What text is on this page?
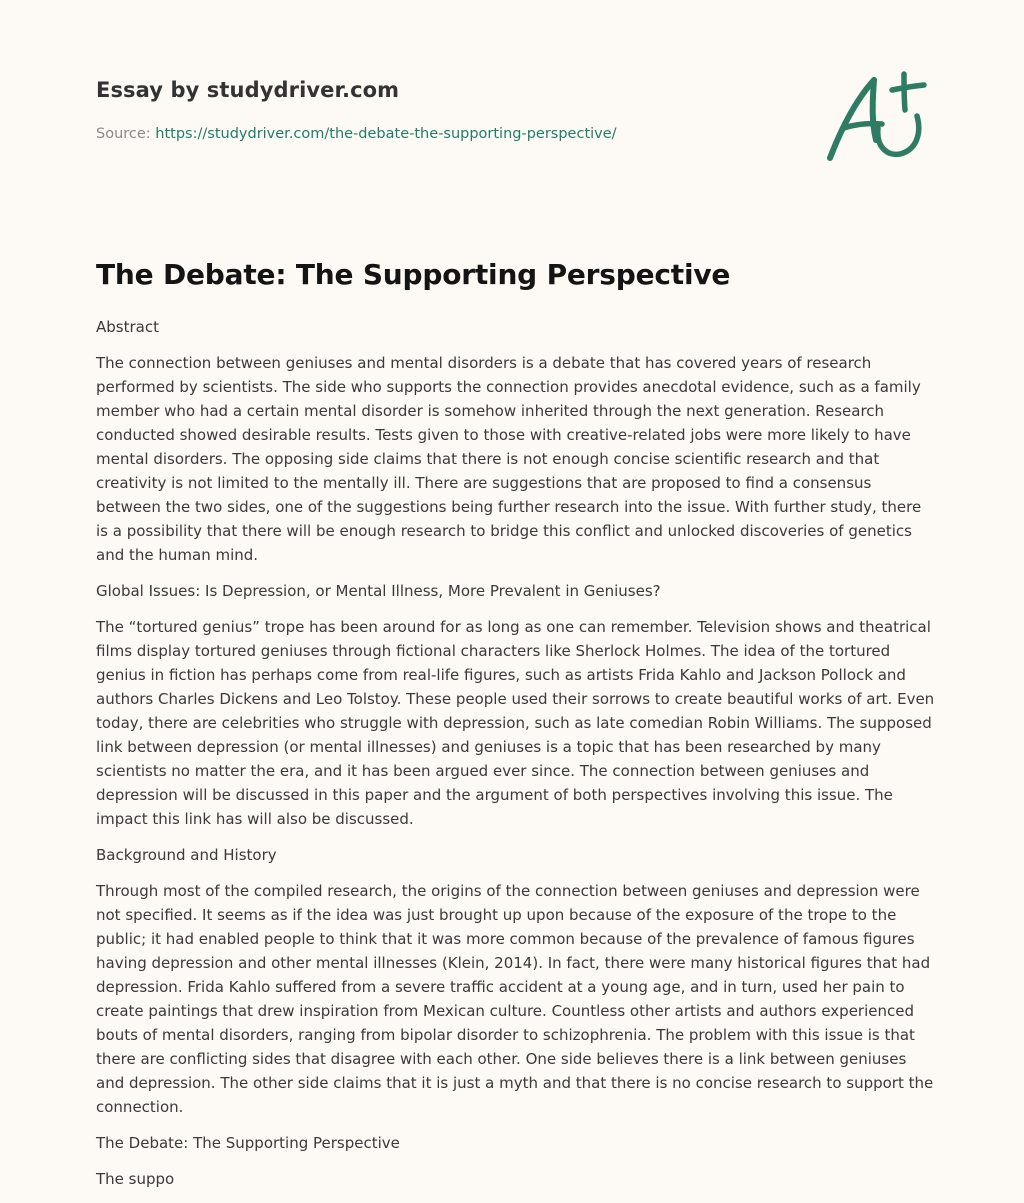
Essay by studydriver.com
Source: https://studydriver.com/the-debate-the-supporting-perspective/
The Debate: The Supporting Perspective

Abstract

The connection between geniuses and mental disorders is a debate that has covered years of research performed by scientists. The side who supports the connection provides anecdotal evidence, such as a family member who had a certain mental disorder is somehow inherited through the next generation. Research conducted showed desirable results. Tests given to those with creative-related jobs were more likely to have mental disorders. The opposing side claims that there is not enough concise scientific research and that creativity is not limited to the mentally ill. There are suggestions that are proposed to find a consensus between the two sides, one of the suggestions being further research into the issue. With further study, there is a possibility that there will be enough research to bridge this conflict and unlocked discoveries of genetics and the human mind.

Global Issues: Is Depression, or Mental Illness, More Prevalent in Geniuses?

The “tortured genius” trope has been around for as long as one can remember. Television shows and theatrical films display tortured geniuses through fictional characters like Sherlock Holmes. The idea of the tortured genius in fiction has perhaps come from real-life figures, such as artists Frida Kahlo and Jackson Pollock and authors Charles Dickens and Leo Tolstoy. These people used their sorrows to create beautiful works of art. Even today, there are celebrities who struggle with depression, such as late comedian Robin Williams. The supposed link between depression (or mental illnesses) and geniuses is a topic that has been researched by many scientists no matter the era, and it has been argued ever since. The connection between geniuses and depression will be discussed in this paper and the argument of both perspectives involving this issue. The impact this link has will also be discussed.

Background and History

Through most of the compiled research, the origins of the connection between geniuses and depression were not specified. It seems as if the idea was just brought up upon because of the exposure of the trope to the public; it had enabled people to think that it was more common because of the prevalence of famous figures having depression and other mental illnesses (Klein, 2014). In fact, there were many historical figures that had depression. Frida Kahlo suffered from a severe traffic accident at a young age, and in turn, used her pain to create paintings that drew inspiration from Mexican culture. Countless other artists and authors experienced bouts of mental disorders, ranging from bipolar disorder to schizophrenia. The problem with this issue is that there are conflicting sides that disagree with each other. One side believes there is a link between geniuses and depression. The other side claims that it is just a myth and that there is no concise research to support the connection.

The Debate: The Supporting Perspective

The suppo
